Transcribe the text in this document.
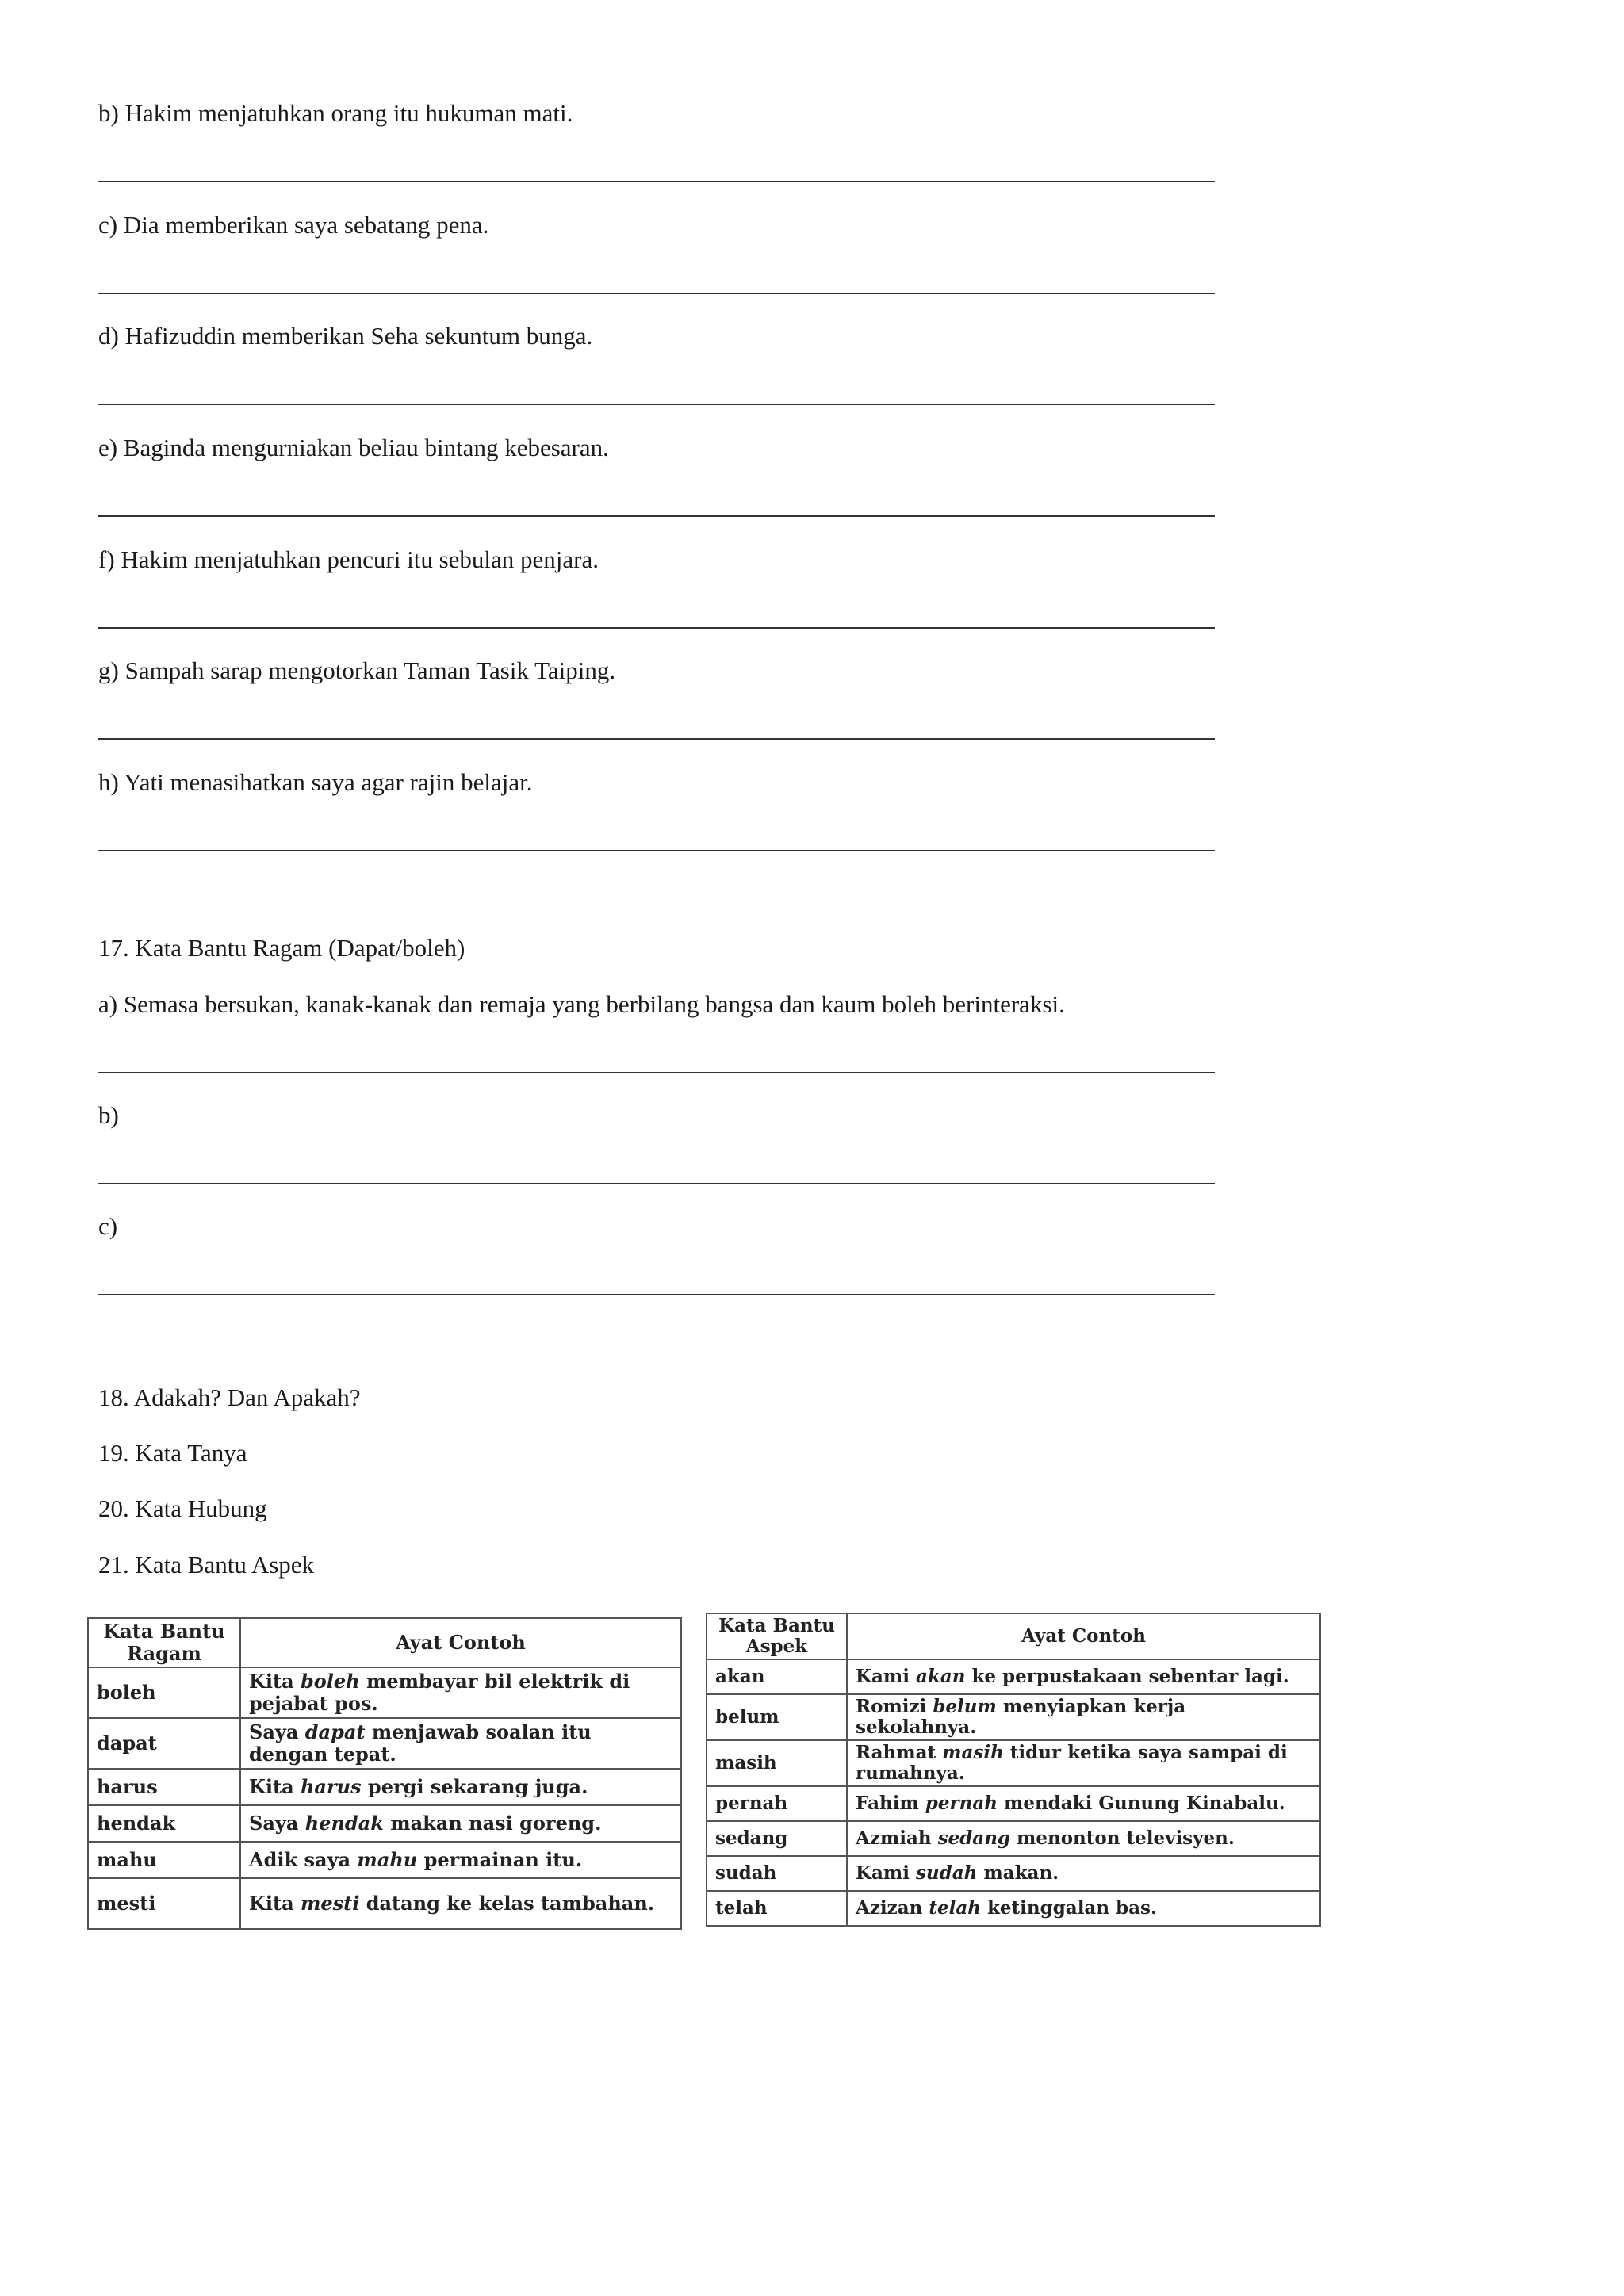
b) Hakim menjatuhkan orang itu hukuman mati.
c) Dia memberikan saya sebatang pena.
d) Hafizuddin memberikan Seha sekuntum bunga.
e) Baginda mengurniakan beliau bintang kebesaran.
f) Hakim menjatuhkan pencuri itu sebulan penjara.
g) Sampah sarap mengotorkan Taman Tasik Taiping.
h) Yati menasihatkan saya agar rajin belajar.
17. Kata Bantu Ragam (Dapat/boleh)
a) Semasa bersukan, kanak-kanak dan remaja yang berbilang bangsa dan kaum boleh berinteraksi.
b)
c)
18. Adakah? Dan Apakah?
19. Kata Tanya
20. Kata Hubung
21. Kata Bantu Aspek
Kata Bantu Ragam	Ayat Contoh
boleh	Kita boleh membayar bil elektrik di pejabat pos.
dapat	Saya dapat menjawab soalan itu dengan tepat.
harus	Kita harus pergi sekarang juga.
hendak	Saya hendak makan nasi goreng.
mahu	Adik saya mahu permainan itu.
mesti	Kita mesti datang ke kelas tambahan.
Kata Bantu Aspek	Ayat Contoh
akan	Kami akan ke perpustakaan sebentar lagi.
belum	Romizi belum menyiapkan kerja sekolahnya.
masih	Rahmat masih tidur ketika saya sampai di rumahnya.
pernah	Fahim pernah mendaki Gunung Kinabalu.
sedang	Azmiah sedang menonton televisyen.
sudah	Kami sudah makan.
telah	Azizan telah ketinggalan bas.
